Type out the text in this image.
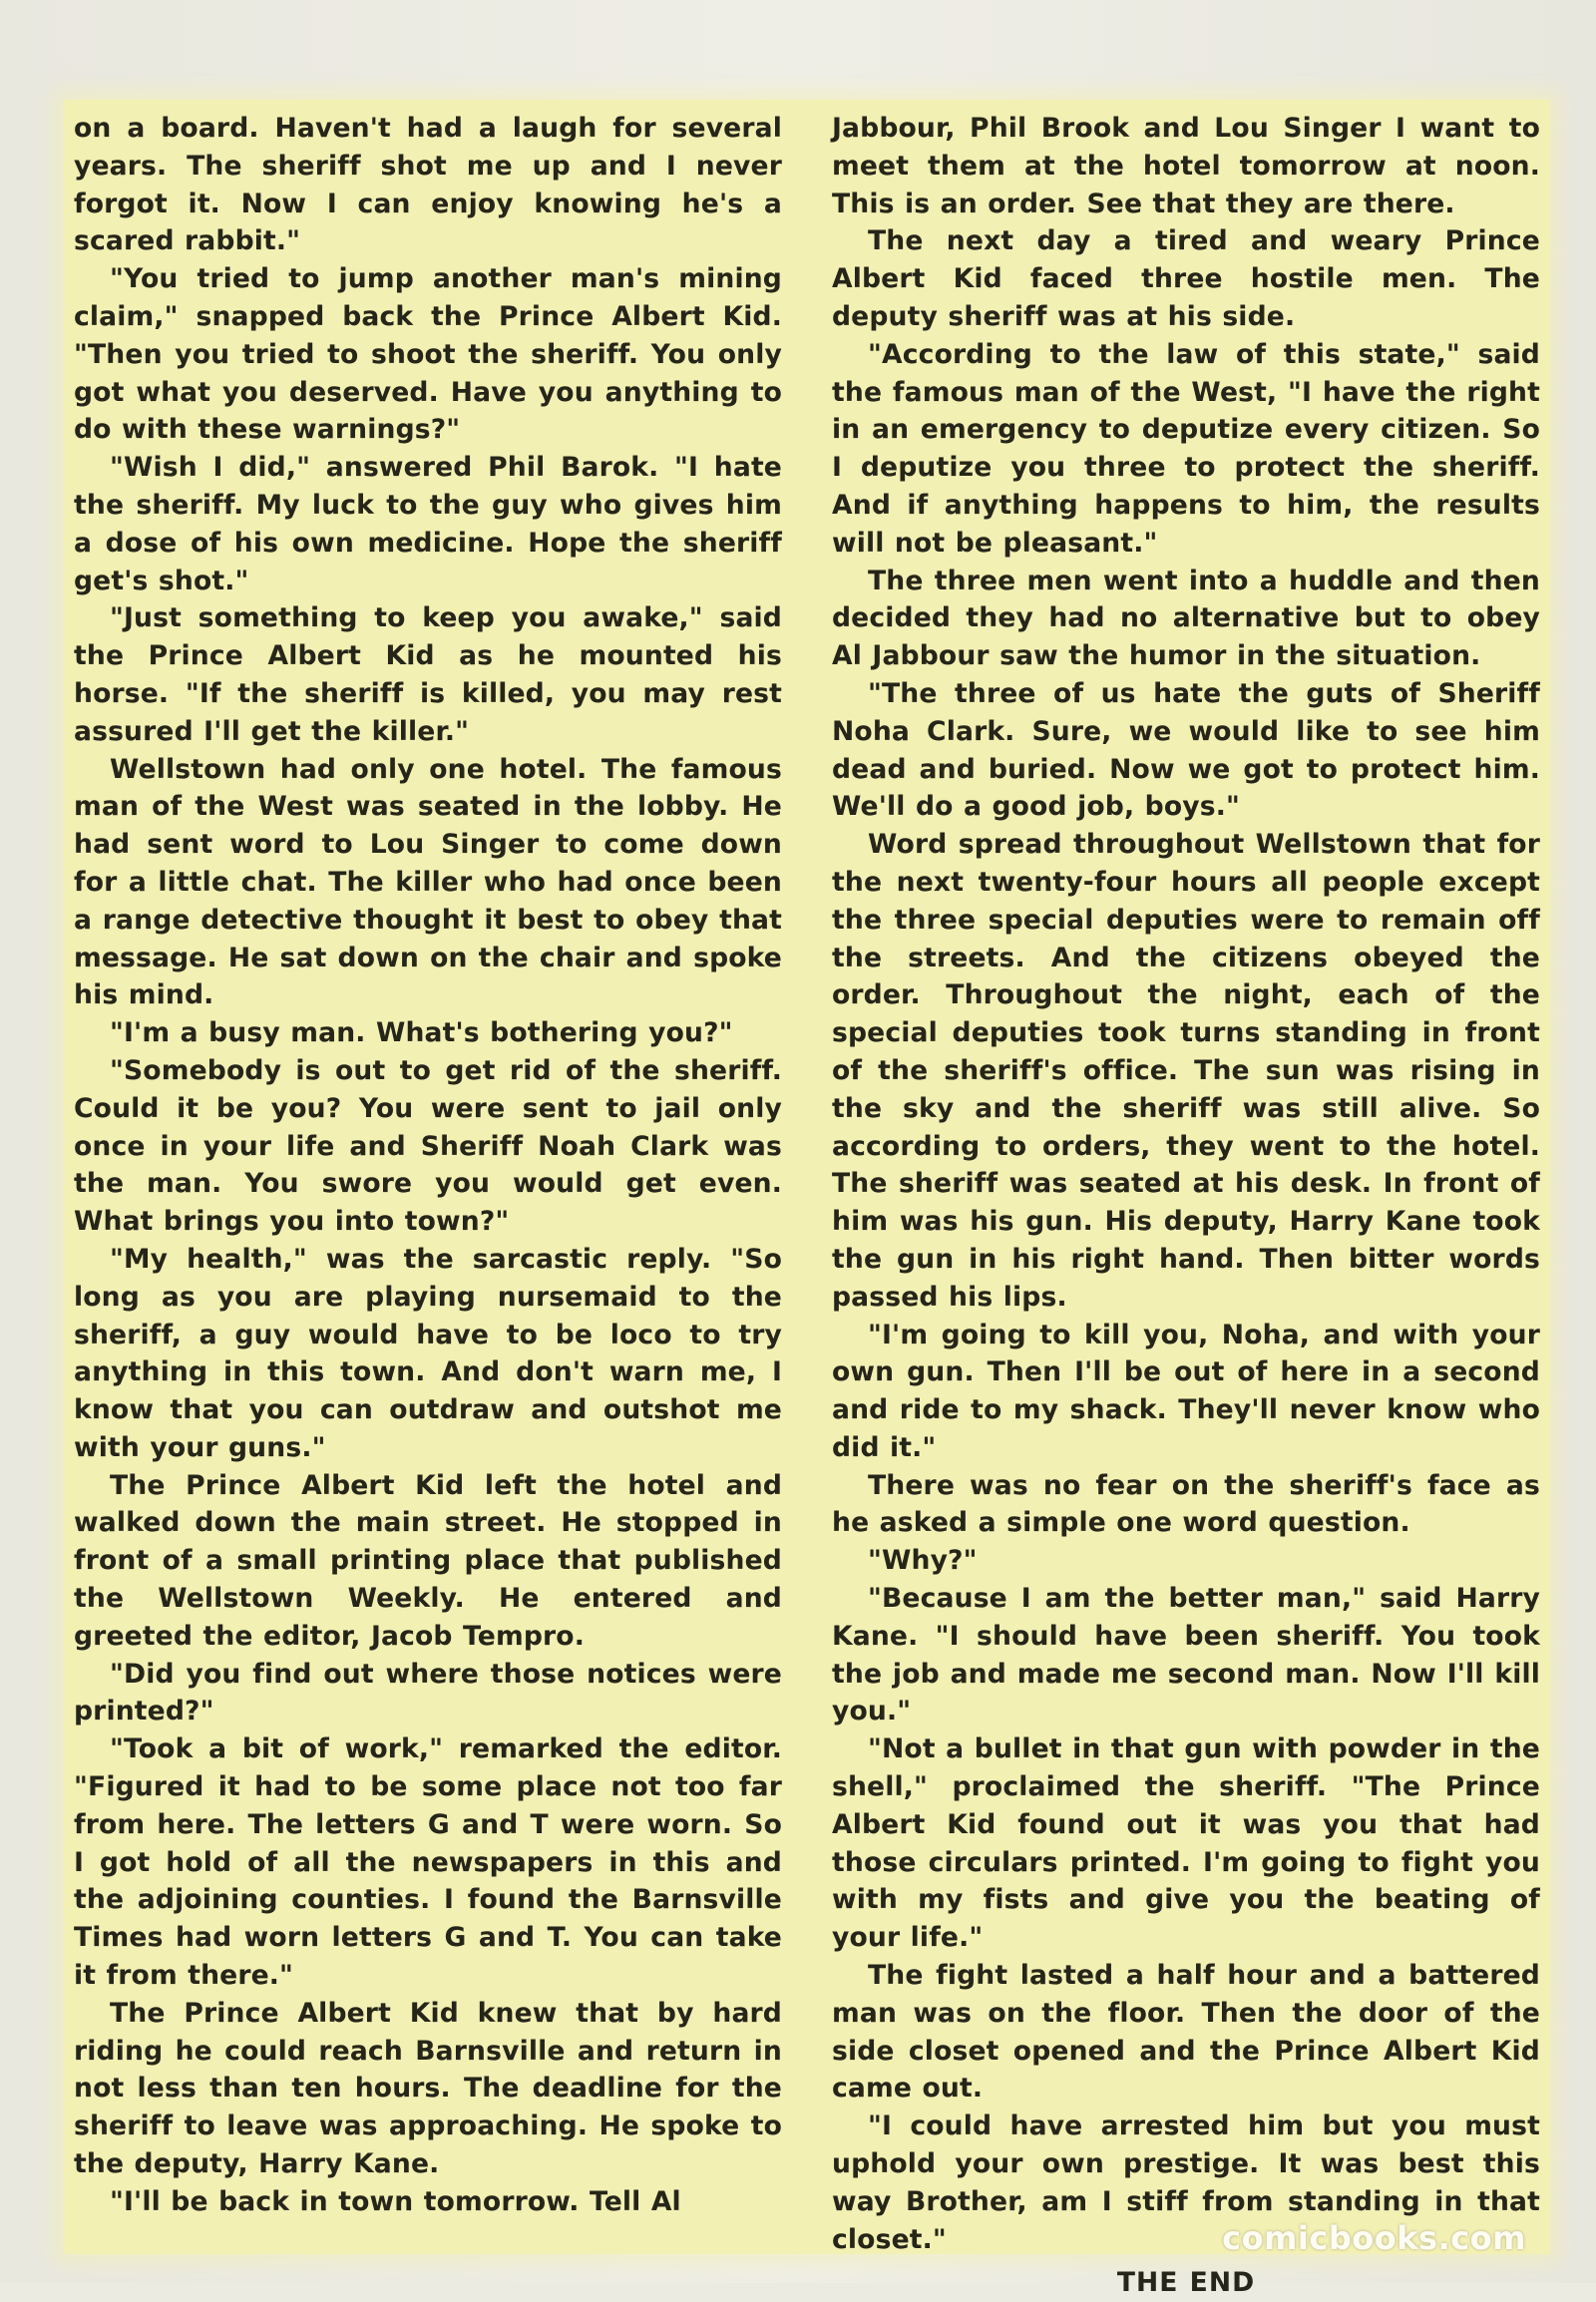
on a board. Haven't had a laugh for several years. The sheriff shot me up and I never forgot it. Now I can enjoy knowing he's a scared rabbit."

"You tried to jump another man's mining claim," snapped back the Prince Albert Kid. "Then you tried to shoot the sheriff. You only got what you deserved. Have you anything to do with these warnings?"

"Wish I did," answered Phil Barok. "I hate the sheriff. My luck to the guy who gives him a dose of his own medicine. Hope the sheriff get's shot."

"Just something to keep you awake," said the Prince Albert Kid as he mounted his horse. "If the sheriff is killed, you may rest assured I'll get the killer."

Wellstown had only one hotel. The famous man of the West was seated in the lobby. He had sent word to Lou Singer to come down for a little chat. The killer who had once been a range detective thought it best to obey that message. He sat down on the chair and spoke his mind.

"I'm a busy man. What's bothering you?"

"Somebody is out to get rid of the sheriff. Could it be you? You were sent to jail only once in your life and Sheriff Noah Clark was the man. You swore you would get even. What brings you into town?"

"My health," was the sarcastic reply. "So long as you are playing nursemaid to the sheriff, a guy would have to be loco to try anything in this town. And don't warn me, I know that you can outdraw and outshot me with your guns."

The Prince Albert Kid left the hotel and walked down the main street. He stopped in front of a small printing place that published the Wellstown Weekly. He entered and greeted the editor, Jacob Tempro.

"Did you find out where those notices were printed?"

"Took a bit of work," remarked the editor. "Figured it had to be some place not too far from here. The letters G and T were worn. So I got hold of all the newspapers in this and the adjoining counties. I found the Barnsville Times had worn letters G and T. You can take it from there."

The Prince Albert Kid knew that by hard riding he could reach Barnsville and return in not less than ten hours. The deadline for the sheriff to leave was approaching. He spoke to the deputy, Harry Kane.

"I'll be back in town tomorrow. Tell Al

Jabbour, Phil Brook and Lou Singer I want to meet them at the hotel tomorrow at noon. This is an order. See that they are there.

The next day a tired and weary Prince Albert Kid faced three hostile men. The deputy sheriff was at his side.

"According to the law of this state," said the famous man of the West, "I have the right in an emergency to deputize every citizen. So I deputize you three to protect the sheriff. And if anything happens to him, the results will not be pleasant."

The three men went into a huddle and then decided they had no alternative but to obey Al Jabbour saw the humor in the situation.

"The three of us hate the guts of Sheriff Noha Clark. Sure, we would like to see him dead and buried. Now we got to protect him. We'll do a good job, boys."

Word spread throughout Wellstown that for the next twenty-four hours all people except the three special deputies were to remain off the streets. And the citizens obeyed the order. Throughout the night, each of the special deputies took turns standing in front of the sheriff's office. The sun was rising in the sky and the sheriff was still alive. So according to orders, they went to the hotel. The sheriff was seated at his desk. In front of him was his gun. His deputy, Harry Kane took the gun in his right hand. Then bitter words passed his lips.

"I'm going to kill you, Noha, and with your own gun. Then I'll be out of here in a second and ride to my shack. They'll never know who did it."

There was no fear on the sheriff's face as he asked a simple one word question.

"Why?"

"Because I am the better man," said Harry Kane. "I should have been sheriff. You took the job and made me second man. Now I'll kill you."

"Not a bullet in that gun with powder in the shell," proclaimed the sheriff. "The Prince Albert Kid found out it was you that had those circulars printed. I'm going to fight you with my fists and give you the beating of your life."

The fight lasted a half hour and a battered man was on the floor. Then the door of the side closet opened and the Prince Albert Kid came out.

"I could have arrested him but you must uphold your own prestige. It was best this way Brother, am I stiff from standing in that closet."

THE END

comicbooks.com
